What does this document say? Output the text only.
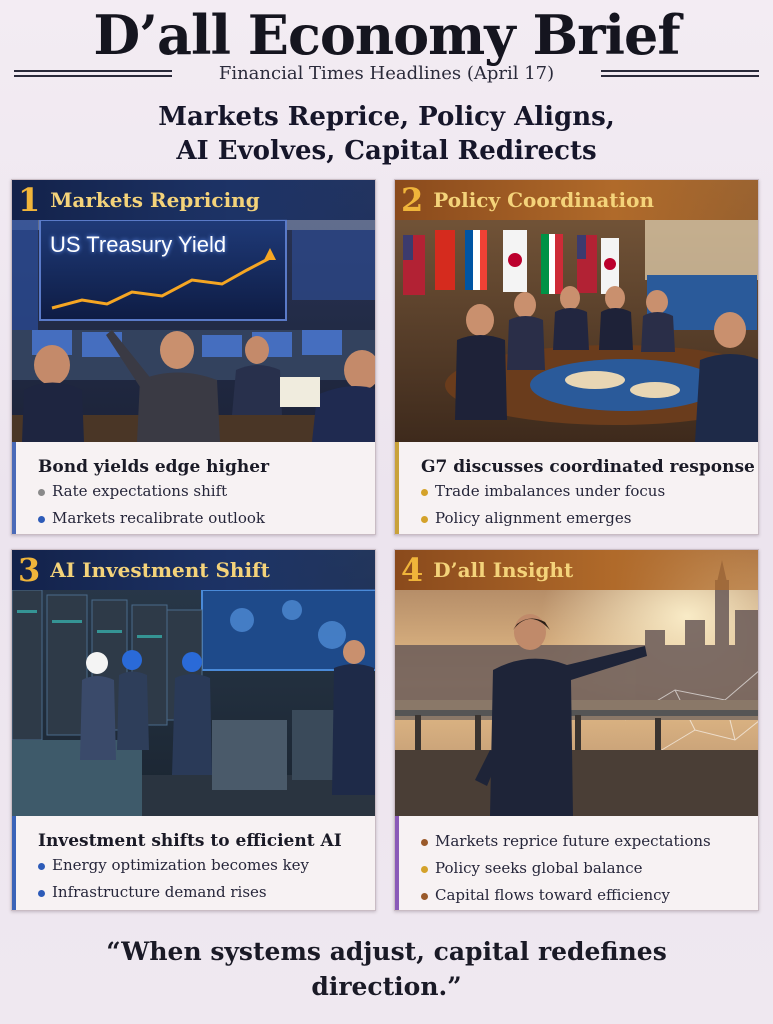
D’all Economy Brief
Financial Times Headlines (April 17)
Markets Reprice, Policy Aligns,
AI Evolves, Capital Redirects
US Treasury Yield
1 Markets Repricing
Bond yields edge higher
Rate expectations shift
Markets recalibrate outlook
2 Policy Coordination
G7 discusses coordinated response
Trade imbalances under focus
Policy alignment emerges
3 AI Investment Shift
Investment shifts to efficient AI
Energy optimization becomes key
Infrastructure demand rises
4 D’all Insight
Markets reprice future expectations
Policy seeks global balance
Capital flows toward efficiency
“When systems adjust, capital redefines
direction.”
